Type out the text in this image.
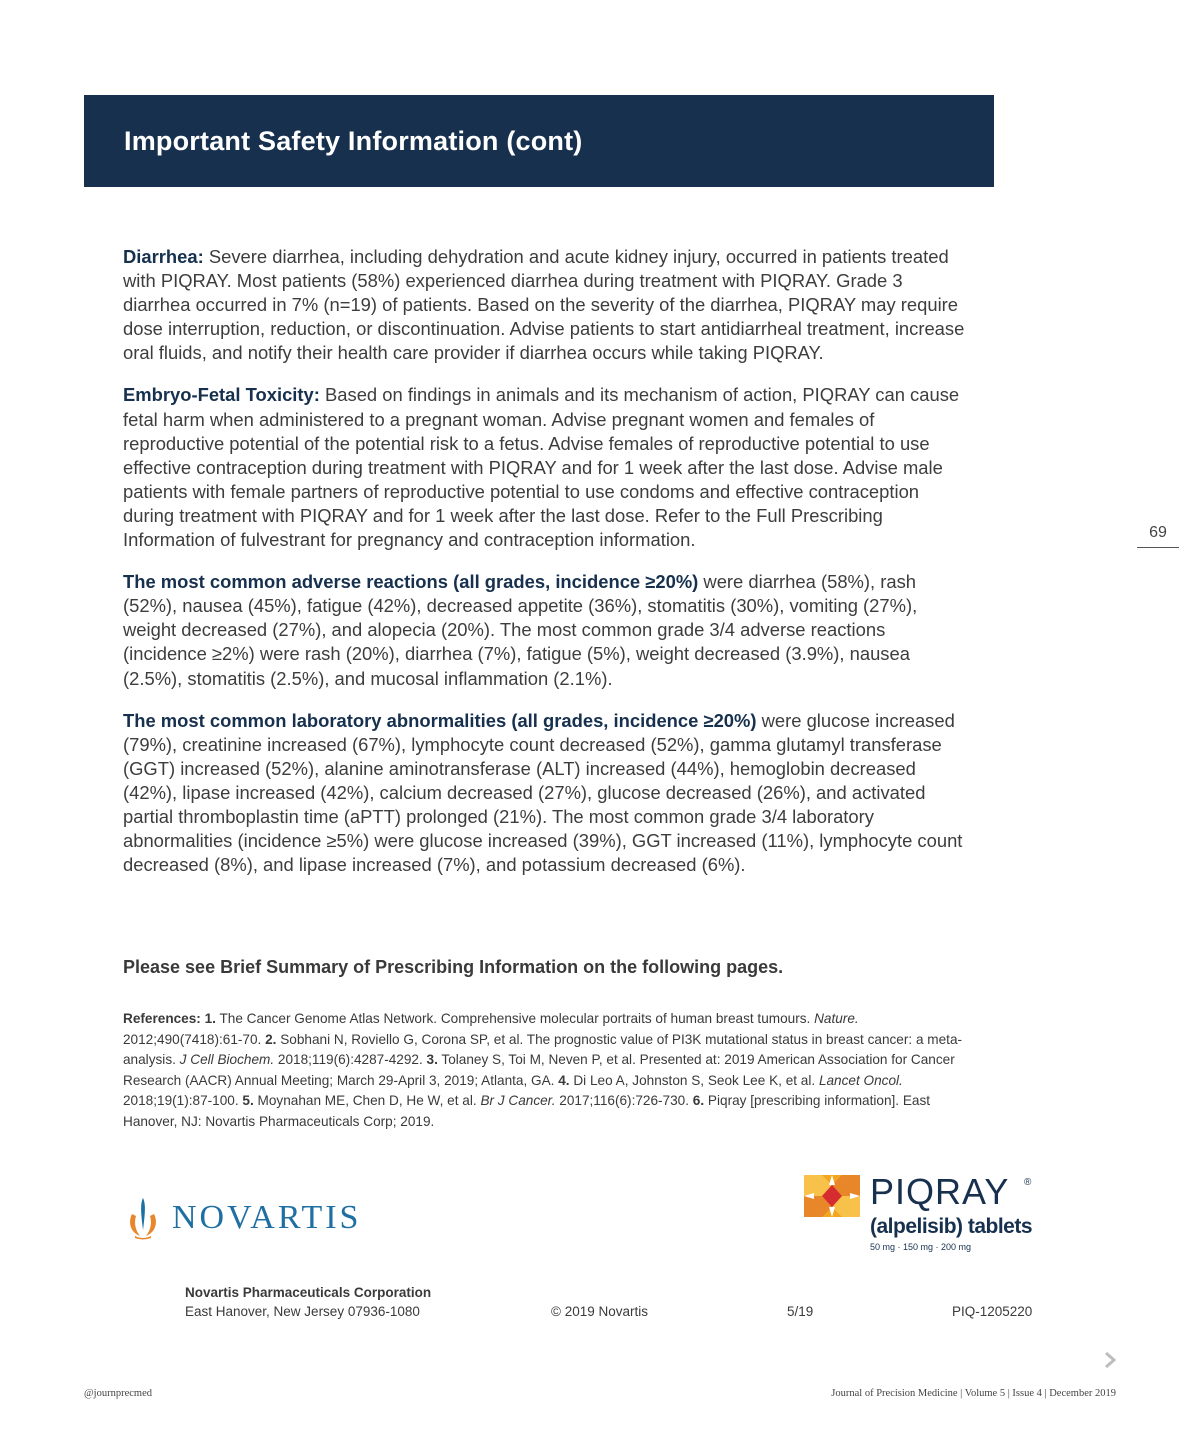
Important Safety Information (cont)
69

Diarrhea: Severe diarrhea, including dehydration and acute kidney injury, occurred in patients treated with PIQRAY. Most patients (58%) experienced diarrhea during treatment with PIQRAY. Grade 3 diarrhea occurred in 7% (n=19) of patients. Based on the severity of the diarrhea, PIQRAY may require dose interruption, reduction, or discontinuation. Advise patients to start antidiarrheal treatment, increase oral fluids, and notify their health care provider if diarrhea occurs while taking PIQRAY.

Embryo-Fetal Toxicity: Based on findings in animals and its mechanism of action, PIQRAY can cause fetal harm when administered to a pregnant woman. Advise pregnant women and females of reproductive potential of the potential risk to a fetus. Advise females of reproductive potential to use effective contraception during treatment with PIQRAY and for 1 week after the last dose. Advise male patients with female partners of reproductive potential to use condoms and effective contraception during treatment with PIQRAY and for 1 week after the last dose. Refer to the Full Prescribing Information of fulvestrant for pregnancy and contraception information.

The most common adverse reactions (all grades, incidence ≥20%) were diarrhea (58%), rash (52%), nausea (45%), fatigue (42%), decreased appetite (36%), stomatitis (30%), vomiting (27%), weight decreased (27%), and alopecia (20%). The most common grade 3/4 adverse reactions (incidence ≥2%) were rash (20%), diarrhea (7%), fatigue (5%), weight decreased (3.9%), nausea (2.5%), stomatitis (2.5%), and mucosal inflammation (2.1%).

The most common laboratory abnormalities (all grades, incidence ≥20%) were glucose increased (79%), creatinine increased (67%), lymphocyte count decreased (52%), gamma glutamyl transferase (GGT) increased (52%), alanine aminotransferase (ALT) increased (44%), hemoglobin decreased (42%), lipase increased (42%), calcium decreased (27%), glucose decreased (26%), and activated partial thromboplastin time (aPTT) prolonged (21%). The most common grade 3/4 laboratory abnormalities (incidence ≥5%) were glucose increased (39%), GGT increased (11%), lymphocyte count decreased (8%), and lipase increased (7%), and potassium decreased (6%).

Please see Brief Summary of Prescribing Information on the following pages.

References: 1. The Cancer Genome Atlas Network. Comprehensive molecular portraits of human breast tumours. Nature. 2012;490(7418):61-70. 2. Sobhani N, Roviello G, Corona SP, et al. The prognostic value of PI3K mutational status in breast cancer: a meta-analysis. J Cell Biochem. 2018;119(6):4287-4292. 3. Tolaney S, Toi M, Neven P, et al. Presented at: 2019 American Association for Cancer Research (AACR) Annual Meeting; March 29-April 3, 2019; Atlanta, GA. 4. Di Leo A, Johnston S, Seok Lee K, et al. Lancet Oncol. 2018;19(1):87-100. 5. Moynahan ME, Chen D, He W, et al. Br J Cancer. 2017;116(6):726-730. 6. Piqray [prescribing information]. East Hanover, NJ: Novartis Pharmaceuticals Corp; 2019.

NOVARTIS
PIQRAY ®
(alpelisib) tablets
50 mg · 150 mg · 200 mg
Novartis Pharmaceuticals Corporation
East Hanover, New Jersey 07936-1080	© 2019 Novartis	5/19	PIQ-1205220
@journprecmed	Journal of Precision Medicine | Volume 5 | Issue 4 | December 2019
